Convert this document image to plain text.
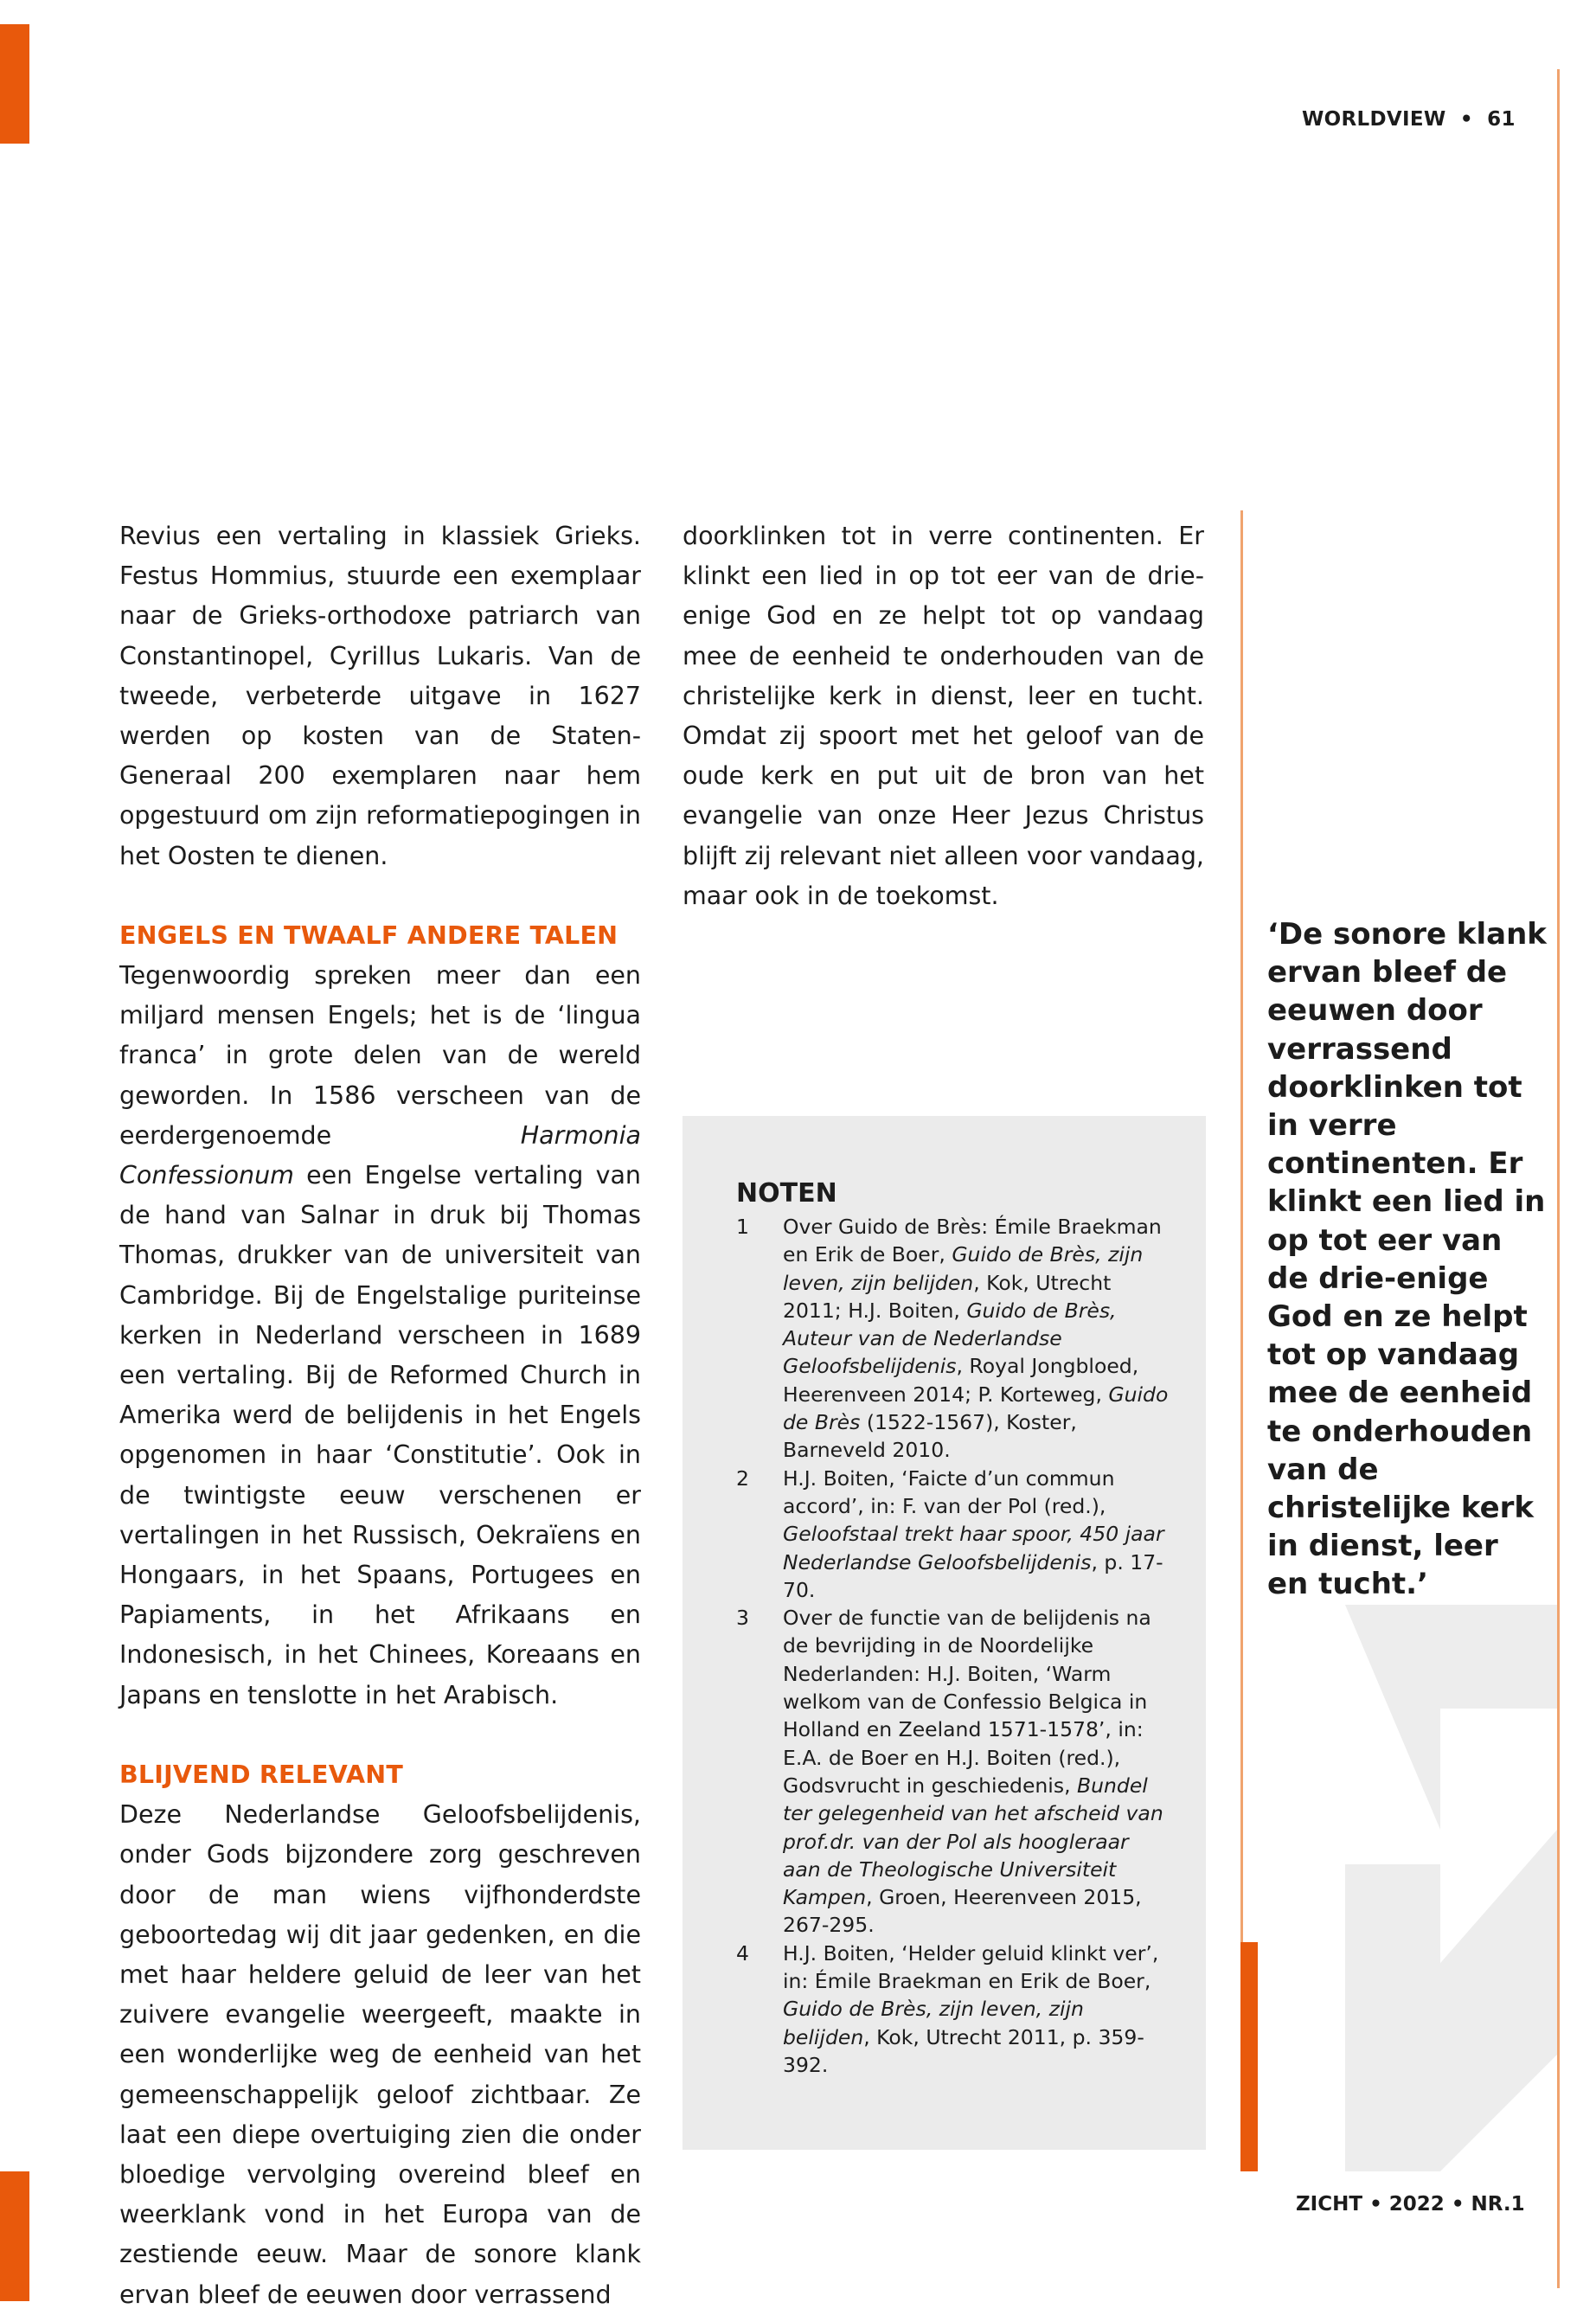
WORLDVIEW • 61

Revius een vertaling in klassiek Grieks. Festus Hommius, stuurde een exemplaar naar de Grieks-orthodoxe patriarch van Constantinopel, Cyrillus Lukaris. Van de tweede, verbeterde uitgave in 1627 werden op kosten van de Staten-Generaal 200 exemplaren naar hem opgestuurd om zijn reformatiepogingen in het Oosten te dienen.

ENGELS EN TWAALF ANDERE TALEN

Tegenwoordig spreken meer dan een miljard mensen Engels; het is de ‘lingua franca’ in grote delen van de wereld geworden. In 1586 verscheen van de eerdergenoemde Harmonia Confessionum een Engelse vertaling van de hand van Salnar in druk bij Thomas Thomas, drukker van de universiteit van Cambridge. Bij de Engelstalige puriteinse kerken in Nederland verscheen in 1689 een vertaling. Bij de Reformed Church in Amerika werd de belijdenis in het Engels opgenomen in haar ‘Constitutie’. Ook in de twintigste eeuw verschenen er vertalingen in het Russisch, Oekraïens en Hongaars, in het Spaans, Portugees en Papiaments, in het Afrikaans en Indonesisch, in het Chinees, Koreaans en Japans en tenslotte in het Arabisch.

BLIJVEND RELEVANT

Deze Nederlandse Geloofsbelijdenis, onder Gods bijzondere zorg geschreven door de man wiens vijfhonderdste geboortedag wij dit jaar gedenken, en die met haar heldere geluid de leer van het zuivere evangelie weergeeft, maakte in een wonderlijke weg de eenheid van het gemeenschappelijk geloof zichtbaar. Ze laat een diepe overtuiging zien die onder bloedige vervolging overeind bleef en weerklank vond in het Europa van de zestiende eeuw. Maar de sonore klank ervan bleef de eeuwen door verrassend

doorklinken tot in verre continenten. Er klinkt een lied in op tot eer van de drie-enige God en ze helpt tot op vandaag mee de eenheid te onderhouden van de christelijke kerk in dienst, leer en tucht. Omdat zij spoort met het geloof van de oude kerk en put uit de bron van het evangelie van onze Heer Jezus Christus blijft zij relevant niet alleen voor vandaag, maar ook in de toekomst.

‘De sonore klank ervan bleef de eeuwen door verrassend doorklinken tot in verre continenten. Er klinkt een lied in op tot eer van de drie-enige God en ze helpt tot op vandaag mee de eenheid te onderhouden van de christelijke kerk in dienst, leer en tucht.’
NOTEN
1	Over Guido de Brès: Émile Braekman en Erik de Boer, Guido de Brès, zijn leven, zijn belijden, Kok, Utrecht 2011; H.J. Boiten, Guido de Brès, Auteur van de Nederlandse Geloofsbelijdenis, Royal Jongbloed, Heerenveen 2014; P. Korteweg, Guido de Brès (1522-1567), Koster, Barneveld 2010.
2	H.J. Boiten, ‘Faicte d’un commun accord’, in: F. van der Pol (red.), Geloofstaal trekt haar spoor, 450 jaar Nederlandse Geloofsbelijdenis, p. 17-70.
3	Over de functie van de belijdenis na de bevrijding in de Noordelijke Nederlanden: H.J. Boiten, ‘Warm welkom van de Confessio Belgica in Holland en Zeeland 1571-1578’, in: E.A. de Boer en H.J. Boiten (red.), Godsvrucht in geschiedenis, Bundel ter gelegenheid van het afscheid van prof.dr. van der Pol als hoogleraar aan de Theologische Universiteit Kampen, Groen, Heerenveen 2015, 267-295.
4	H.J. Boiten, ‘Helder geluid klinkt ver’, in: Émile Braekman en Erik de Boer, Guido de Brès, zijn leven, zijn belijden, Kok, Utrecht 2011, p. 359-392.
ZICHT • 2022 • NR.1
